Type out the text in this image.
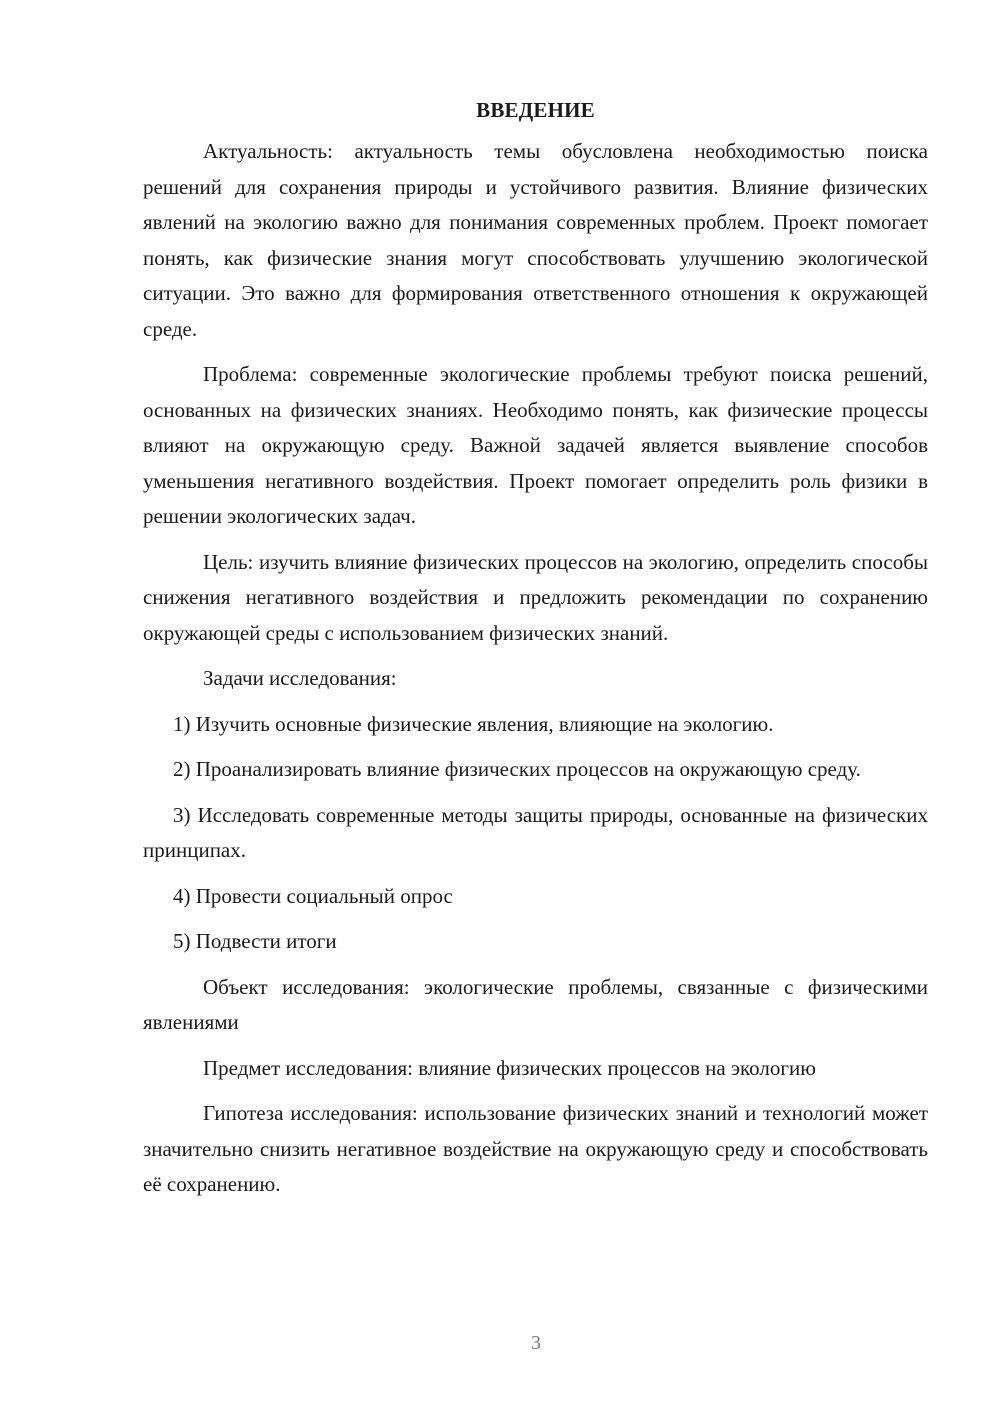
ВВЕДЕНИЕ

Актуальность: актуальность темы обусловлена необходимостью поиска решений для сохранения природы и устойчивого развития. Влияние физических явлений на экологию важно для понимания современных проблем. Проект помогает понять, как физические знания могут способствовать улучшению экологической ситуации. Это важно для формирования ответственного отношения к окружающей среде.

Проблема: современные экологические проблемы требуют поиска решений, основанных на физических знаниях. Необходимо понять, как физические процессы влияют на окружающую среду. Важной задачей является выявление способов уменьшения негативного воздействия. Проект помогает определить роль физики в решении экологических задач.

Цель: изучить влияние физических процессов на экологию, определить способы снижения негативного воздействия и предложить рекомендации по сохранению окружающей среды с использованием физических знаний.

Задачи исследования:

1) Изучить основные физические явления, влияющие на экологию.

2) Проанализировать влияние физических процессов на окружающую среду.

3) Исследовать современные методы защиты природы, основанные на физических принципах.

4) Провести социальный опрос

5) Подвести итоги

Объект исследования: экологические проблемы, связанные с физическими явлениями

Предмет исследования: влияние физических процессов на экологию

Гипотеза исследования: использование физических знаний и технологий может значительно снизить негативное воздействие на окружающую среду и способствовать её сохранению.

3
